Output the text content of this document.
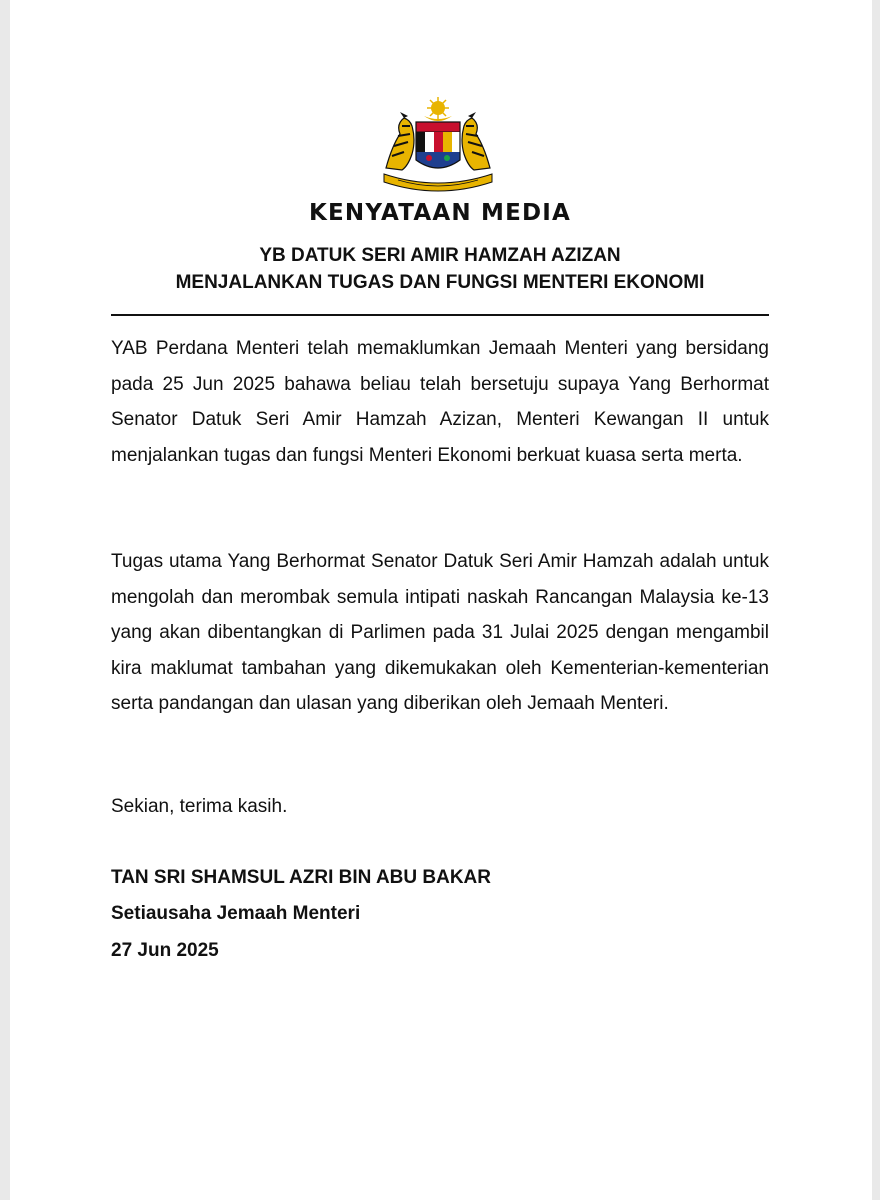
KENYATAAN MEDIA
YB DATUK SERI AMIR HAMZAH AZIZAN
MENJALANKAN TUGAS DAN FUNGSI MENTERI EKONOMI
YAB Perdana Menteri telah memaklumkan Jemaah Menteri yang bersidang pada 25 Jun 2025 bahawa beliau telah bersetuju supaya Yang Berhormat Senator Datuk Seri Amir Hamzah Azizan, Menteri Kewangan II untuk menjalankan tugas dan fungsi Menteri Ekonomi berkuat kuasa serta merta.
Tugas utama Yang Berhormat Senator Datuk Seri Amir Hamzah adalah untuk mengolah dan merombak semula intipati naskah Rancangan Malaysia ke-13 yang akan dibentangkan di Parlimen pada 31 Julai 2025 dengan mengambil kira maklumat tambahan yang dikemukakan oleh Kementerian-kementerian serta pandangan dan ulasan yang diberikan oleh Jemaah Menteri.
Sekian, terima kasih.
TAN SRI SHAMSUL AZRI BIN ABU BAKAR
Setiausaha Jemaah Menteri
27 Jun 2025
